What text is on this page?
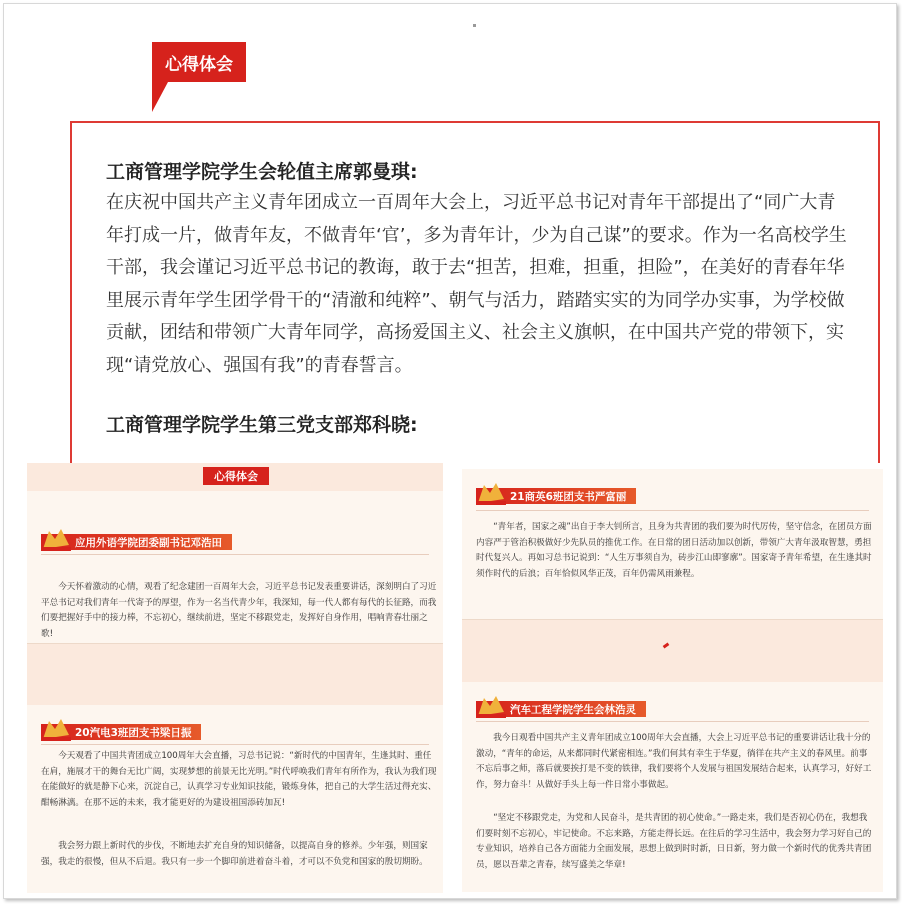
心得体会
工商管理学院学生会轮值主席郭曼琪:
在庆祝中国共产主义青年团成立一百周年大会上，习近平总书记对青年干部提出了“同广大青年打成一片，做青年友，不做青年‘官’，多为青年计，少为自己谋”的要求。作为一名高校学生干部，我会谨记习近平总书记的教诲，敢于去“担苦，担难，担重，担险”，在美好的青春年华里展示青年学生团学骨干的“清澈和纯粹”、朝气与活力，踏踏实实的为同学办实事，为学校做贡献，团结和带领广大青年同学，高扬爱国主义、社会主义旗帜，在中国共产党的带领下，实现“请党放心、强国有我”的青春誓言。
工商管理学院学生第三党支部郑科晓:
心得体会
应用外语学院团委副书记邓浩田
今天怀着激动的心情，观看了纪念建团一百周年大会，习近平总书记发表重要讲话，深刻明白了习近平总书记对我们青年一代寄予的厚望，作为一名当代青少年，我深知，每一代人都有每代的长征路，而我们要把握好手中的接力棒，不忘初心，继续前进，坚定不移跟党走，发挥好自身作用，唱响青春壮丽之歌!
20汽电3班团支书梁日振
今天观看了中国共青团成立100周年大会直播，习总书记说：“新时代的中国青年，生逢其时、重任在肩，施展才干的舞台无比广阔，实现梦想的前景无比光明。”时代呼唤我们青年有所作为，我认为我们现在能做好的就是静下心来，沉淀自己，认真学习专业知识技能，锻炼身体，把自己的大学生活过得充实、酣畅淋漓。在那不远的未来，我才能更好的为建设祖国添砖加瓦!
我会努力跟上新时代的步伐，不断地去扩充自身的知识储备，以提高自身的修养。少年强，则国家强，我走的很慢，但从不后退。我只有一步一个脚印前进着奋斗着，才可以不负党和国家的殷切期盼。
21商英6班团支书严富丽
“青年者，国家之魂”出自于李大钊所言，且身为共青团的我们要为时代厉传，坚守信念，在团员方面内容严于管治积极做好少先队员的推优工作。在日常的团日活动加以创新，带领广大青年汲取智慧，勇担时代复兴人。再如习总书记说到：“人生万事须自为，砖步江山即寥廓”。国家寄予青年希望，在生逢其时须作时代的后浪；百年恰似风华正茂，百年仍需风雨兼程。
汽车工程学院学生会林浩灵
我今日观看中国共产主义青年团成立100周年大会直播，大会上习近平总书记的重要讲话让我十分的激动，“青年的命运，从来都同时代紧密相连。”我们何其有幸生于华夏，徜徉在共产主义的春风里。前事不忘后事之师，落后就要挨打是不变的铁律，我们要将个人发展与祖国发展结合起来，认真学习，好好工作，努力奋斗！从做好手头上每一件日常小事做起。
“坚定不移跟党走，为党和人民奋斗，是共青团的初心使命。”一路走来，我们是否初心仍在，我想我们要时刻不忘初心，牢记使命。不忘来路，方能走得长远。在往后的学习生活中，我会努力学习好自己的专业知识，培养自己各方面能力全面发展，思想上做到时时新，日日新，努力做一个新时代的优秀共青团员，愿以吾辈之青春，续写盛美之华章!
